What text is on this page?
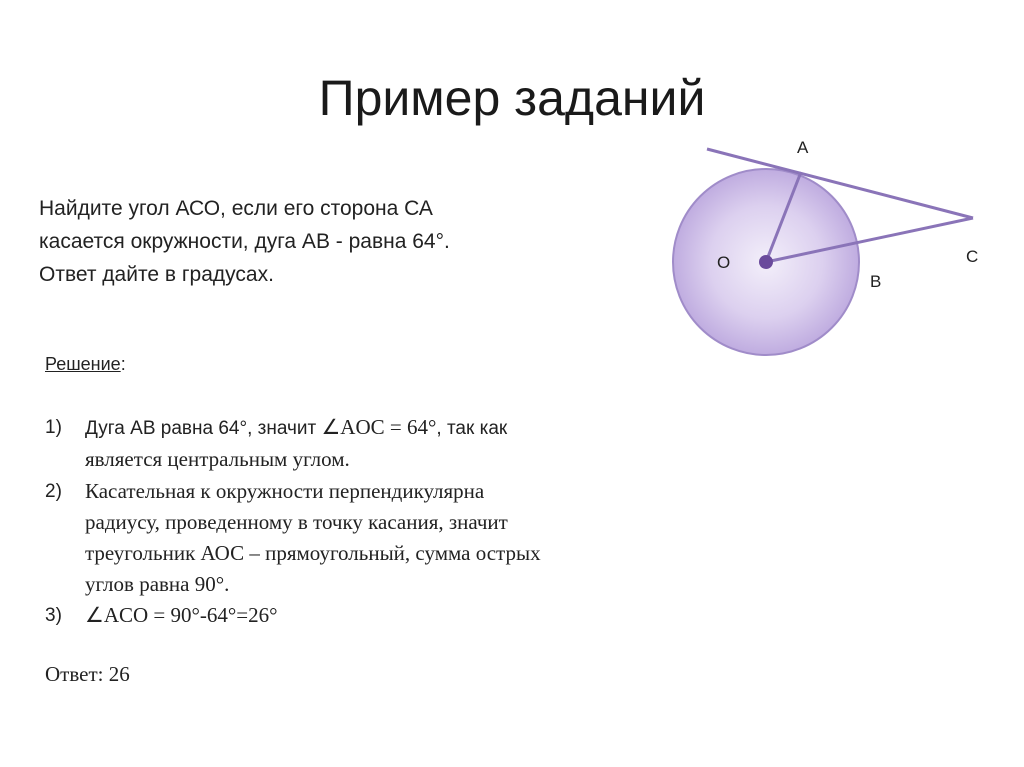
Пример заданий
Найдите угол АСО, если его сторона СА
касается окружности, дуга АВ - равна 64°.
Ответ дайте в градусах.
А
О
В
С
Решение:
1) Дуга АВ равна 64°, значит ∠AOC = 64°, так как
является центральным углом.
2) Касательная к окружности перпендикулярна
радиусу, проведенному в точку касания, значит
треугольник АОС – прямоугольный, сумма острых
углов равна 90°.
3) ∠ACO = 90°-64°=26°
Ответ: 26
